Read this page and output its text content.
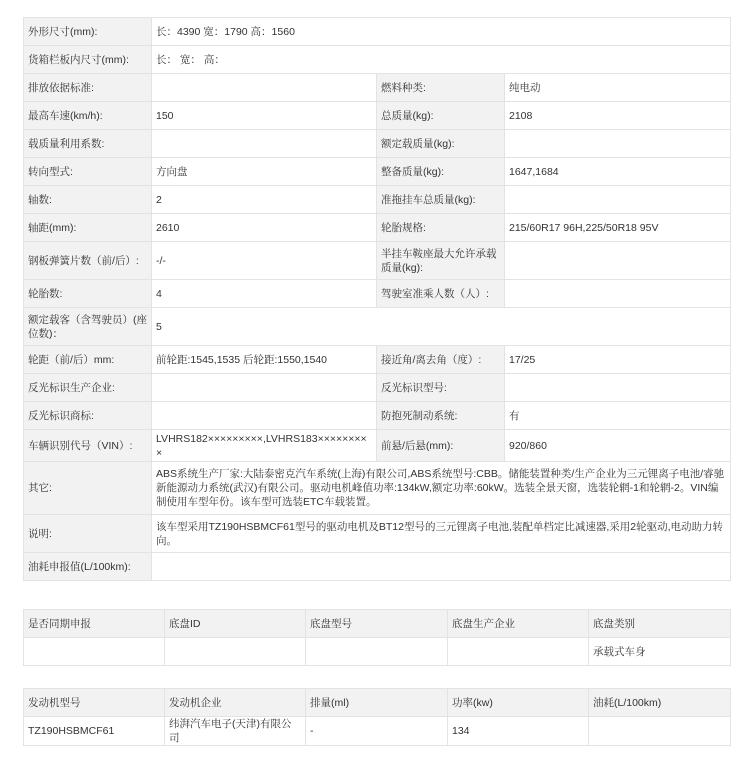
外形尺寸(mm):	长：4390 宽：1790 高：1560		
货箱栏板内尺寸(mm):	长： 宽： 高：		
排放依据标准:		燃料种类:	纯电动
最高车速(km/h):	150	总质量(kg):	2108
载质量利用系数:		额定载质量(kg):	
转向型式:	方向盘	整备质量(kg):	1647,1684
轴数:	2	准拖挂车总质量(kg):	
轴距(mm):	2610	轮胎规格:	215/60R17 96H,225/50R18 95V
钢板弹簧片数（前/后）:	-/-	半挂车鞍座最大允许承载质量(kg):	
轮胎数:	4	驾驶室准乘人数（人）:	
额定载客（含驾驶员）(座位数)：	5		
轮距（前/后）mm:	前轮距:1545,1535 后轮距:1550,1540	接近角/离去角（度）:	17/25
反光标识生产企业:		反光标识型号:	
反光标识商标:		防抱死制动系统:	有
车辆识别代号（VIN）:	LVHRS182×××××××××,LVHRS183×××××××××	前悬/后悬(mm):	920/860
其它:	ABS系统生产厂家:大陆泰密克汽车系统(上海)有限公司,ABS系统型号:CBB。储能装置种类/生产企业为三元锂离子电池/睿驰新能源动力系统(武汉)有限公司。驱动电机峰值功率:134kW,额定功率:60kW。选装全景天窗，选装轮辋-1和轮辋-2。VIN编制使用车型年份。该车型可选装ETC车载装置。		
说明:	该车型采用TZ190HSBMCF61型号的驱动电机及BT12型号的三元锂离子电池,装配单档定比减速器,采用2轮驱动,电动助力转向。		
油耗申报值(L/100km):			
是否同期申报	底盘ID	底盘型号	底盘生产企业	底盘类别
				承载式车身
发动机型号	发动机企业	排量(ml)	功率(kw)	油耗(L/100km)
TZ190HSBMCF61	纬湃汽车电子(天津)有限公司	-	134	
